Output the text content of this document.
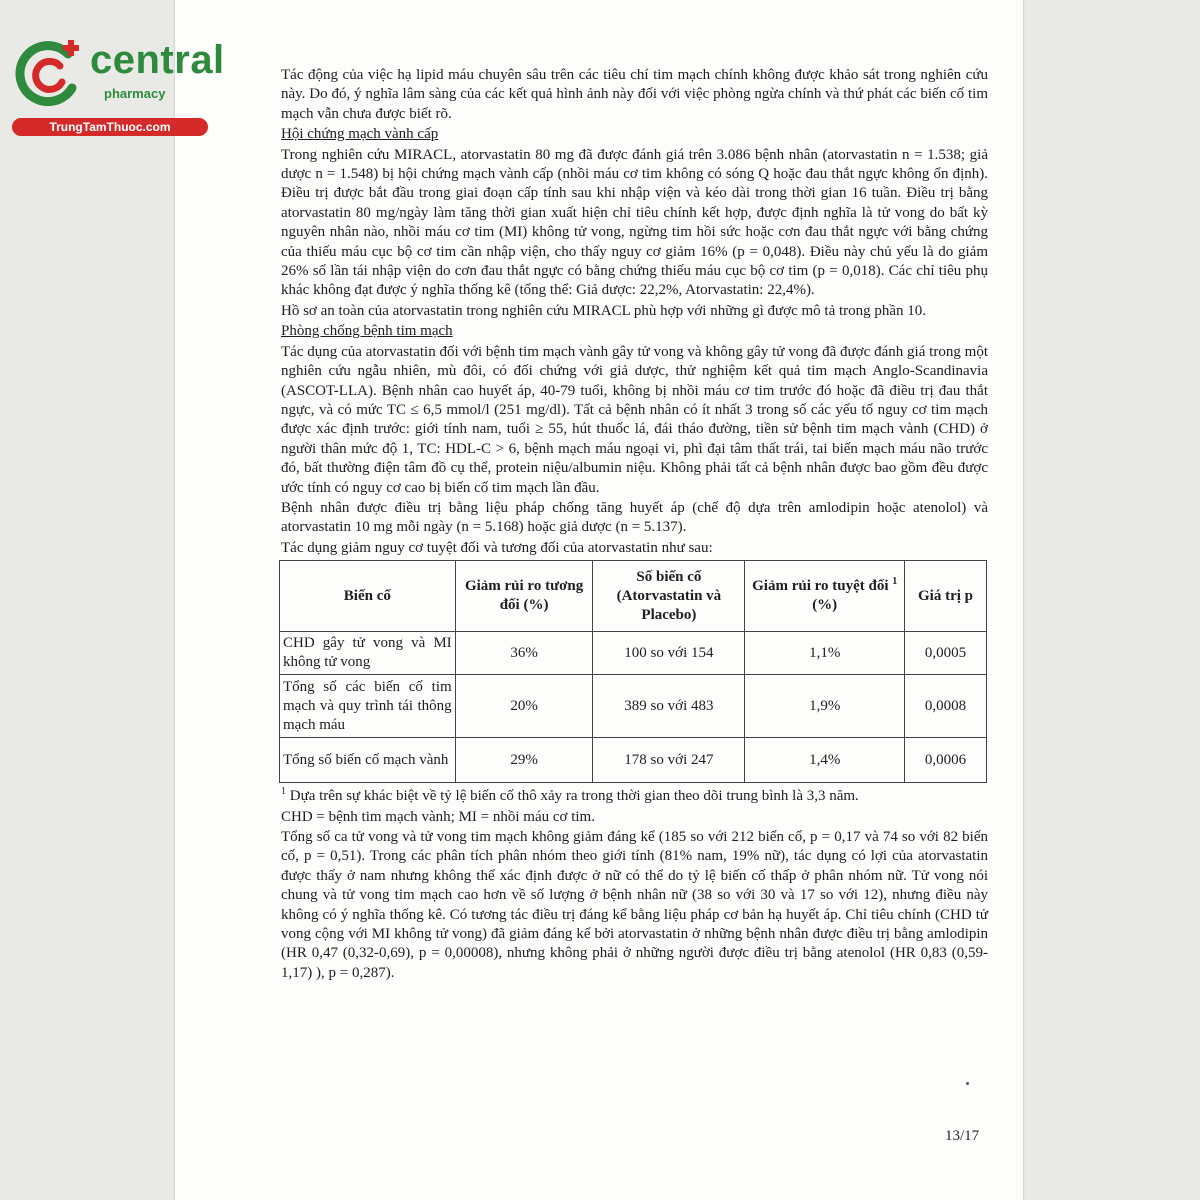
central
pharmacy
TrungTamThuoc.com

Tác động của việc hạ lipid máu chuyên sâu trên các tiêu chí tim mạch chính không được khảo sát trong nghiên cứu này. Do đó, ý nghĩa lâm sàng của các kết quả hình ảnh này đối với việc phòng ngừa chính và thứ phát các biến cố tim mạch vẫn chưa được biết rõ.

Hội chứng mạch vành cấp

Trong nghiên cứu MIRACL, atorvastatin 80 mg đã được đánh giá trên 3.086 bệnh nhân (atorvastatin n = 1.538; giả dược n = 1.548) bị hội chứng mạch vành cấp (nhồi máu cơ tim không có sóng Q hoặc đau thắt ngực không ổn định). Điều trị được bắt đầu trong giai đoạn cấp tính sau khi nhập viện và kéo dài trong thời gian 16 tuần. Điều trị bằng atorvastatin 80 mg/ngày làm tăng thời gian xuất hiện chỉ tiêu chính kết hợp, được định nghĩa là tử vong do bất kỳ nguyên nhân nào, nhồi máu cơ tim (MI) không tử vong, ngừng tim hồi sức hoặc cơn đau thắt ngực với bằng chứng của thiếu máu cục bộ cơ tim cần nhập viện, cho thấy nguy cơ giảm 16% (p = 0,048). Điều này chủ yếu là do giảm 26% số lần tái nhập viện do cơn đau thắt ngực có bằng chứng thiếu máu cục bộ cơ tim (p = 0,018). Các chỉ tiêu phụ khác không đạt được ý nghĩa thống kê (tổng thể: Giả dược: 22,2%, Atorvastatin: 22,4%).

Hồ sơ an toàn của atorvastatin trong nghiên cứu MIRACL phù hợp với những gì được mô tả trong phần 10.

Phòng chống bệnh tim mạch

Tác dụng của atorvastatin đối với bệnh tim mạch vành gây tử vong và không gây tử vong đã được đánh giá trong một nghiên cứu ngẫu nhiên, mù đôi, có đối chứng với giả dược, thử nghiệm kết quả tim mạch Anglo-Scandinavia (ASCOT-LLA). Bệnh nhân cao huyết áp, 40-79 tuổi, không bị nhồi máu cơ tim trước đó hoặc đã điều trị đau thắt ngực, và có mức TC ≤ 6,5 mmol/l (251 mg/dl). Tất cả bệnh nhân có ít nhất 3 trong số các yếu tố nguy cơ tim mạch được xác định trước: giới tính nam, tuổi ≥ 55, hút thuốc lá, đái tháo đường, tiền sử bệnh tim mạch vành (CHD) ở người thân mức độ 1, TC: HDL-C > 6, bệnh mạch máu ngoại vi, phì đại tâm thất trái, tai biến mạch máu não trước đó, bất thường điện tâm đồ cụ thể, protein niệu/albumin niệu. Không phải tất cả bệnh nhân được bao gồm đều được ước tính có nguy cơ cao bị biến cố tim mạch lần đầu.

Bệnh nhân được điều trị bằng liệu pháp chống tăng huyết áp (chế độ dựa trên amlodipin hoặc atenolol) và atorvastatin 10 mg mỗi ngày (n = 5.168) hoặc giả dược (n = 5.137).

Tác dụng giảm nguy cơ tuyệt đối và tương đối của atorvastatin như sau:

Biến cố	Giảm rủi ro tương đối (%)	Số biến cố (Atorvastatin và Placebo)	Giảm rủi ro tuyệt đối $^1$ (%)	Giá trị p
CHD gây tử vong và MI không tử vong	36%	100 so với 154	1,1%	0,0005
Tổng số các biến cố tim mạch và quy trình tái thông mạch máu	20%	389 so với 483	1,9%	0,0008
Tổng số biến cố mạch vành	29%	178 so với 247	1,4%	0,0006

$^1$ Dựa trên sự khác biệt về tỷ lệ biến cố thô xảy ra trong thời gian theo dõi trung bình là 3,3 năm.

CHD = bệnh tim mạch vành; MI = nhồi máu cơ tim.

Tổng số ca tử vong và tử vong tim mạch không giảm đáng kể (185 so với 212 biến cố, p = 0,17 và 74 so với 82 biến cố, p = 0,51). Trong các phân tích phân nhóm theo giới tính (81% nam, 19% nữ), tác dụng có lợi của atorvastatin được thấy ở nam nhưng không thể xác định được ở nữ có thể do tỷ lệ biến cố thấp ở phân nhóm nữ. Tử vong nói chung và tử vong tim mạch cao hơn về số lượng ở bệnh nhân nữ (38 so với 30 và 17 so với 12), nhưng điều này không có ý nghĩa thống kê. Có tương tác điều trị đáng kể bằng liệu pháp cơ bản hạ huyết áp. Chỉ tiêu chính (CHD tử vong cộng với MI không tử vong) đã giảm đáng kể bởi atorvastatin ở những bệnh nhân được điều trị bằng amlodipin (HR 0,47 (0,32-0,69), p = 0,00008), nhưng không phải ở những người được điều trị bằng atenolol (HR 0,83 (0,59-1,17) ), p = 0,287).

13/17
